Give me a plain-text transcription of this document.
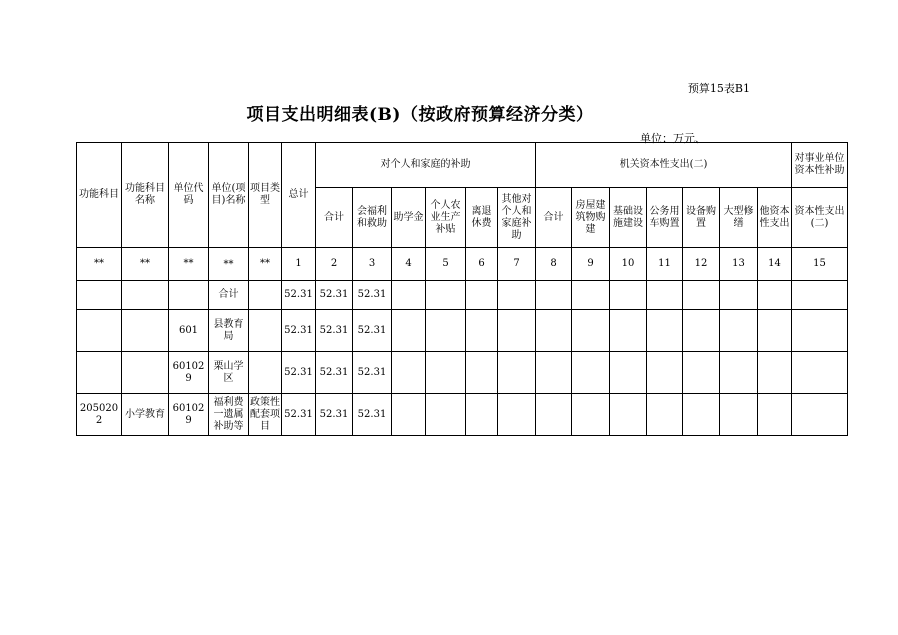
预算15表B1
项目支出明细表(B)（按政府预算经济分类）
单位：万元、
功能科目	功能科目名称	单位代码	单位(项目)名称	项目类型	总计	对个人和家庭的补助						机关资本性支出(二)							对事业单位资本性补助
						合计	会福利和救助	助学金	个人农业生产补贴	离退休费	其他对个人和家庭补助	合计	房屋建筑物购建	基础设施建设	公务用车购置	设备购置	大型修缮	他资本性支出	资本性支出(二)
**	**	**	**	**	1	2	3	4	5	6	7	8	9	10	11	12	13	14	15
			合计		52.31	52.31	52.31												
		601	县教育局		52.31	52.31	52.31												
		601029	栗山学区		52.31	52.31	52.31												
2050202	小学教育	601029	福利费一遗属补助等	政策性配套项目	52.31	52.31	52.31												
